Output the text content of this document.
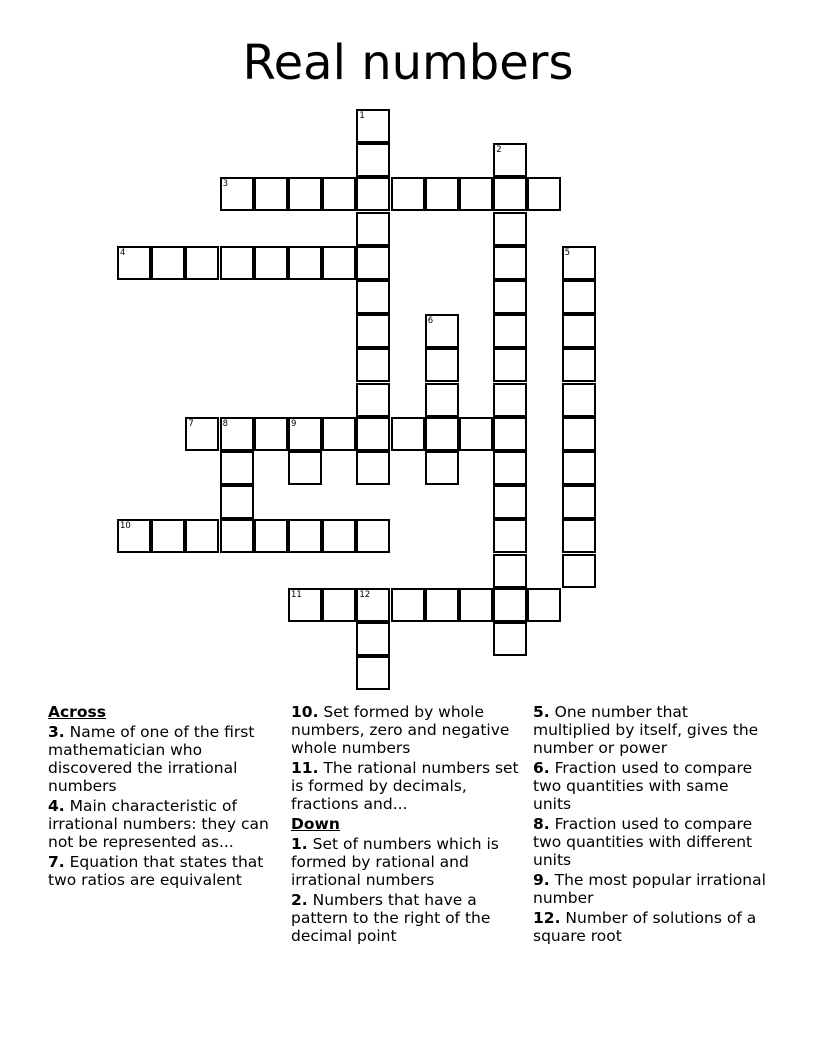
Real numbers
1
2
3
4	5
6
7	8	9
10
11	12
Across
3. Name of one of the first mathematician who discovered the irrational numbers
4. Main characteristic of irrational numbers: they can not be represented as...
7. Equation that states that two ratios are equivalent
10. Set formed by whole numbers, zero and negative whole numbers
11. The rational numbers set is formed by decimals, fractions and...
Down
1. Set of numbers which is formed by rational and irrational numbers
2. Numbers that have a pattern to the right of the decimal point
5. One number that multiplied by itself, gives the number or power
6. Fraction used to compare two quantities with same units
8. Fraction used to compare two quantities with different units
9. The most popular irrational number
12. Number of solutions of a square root
